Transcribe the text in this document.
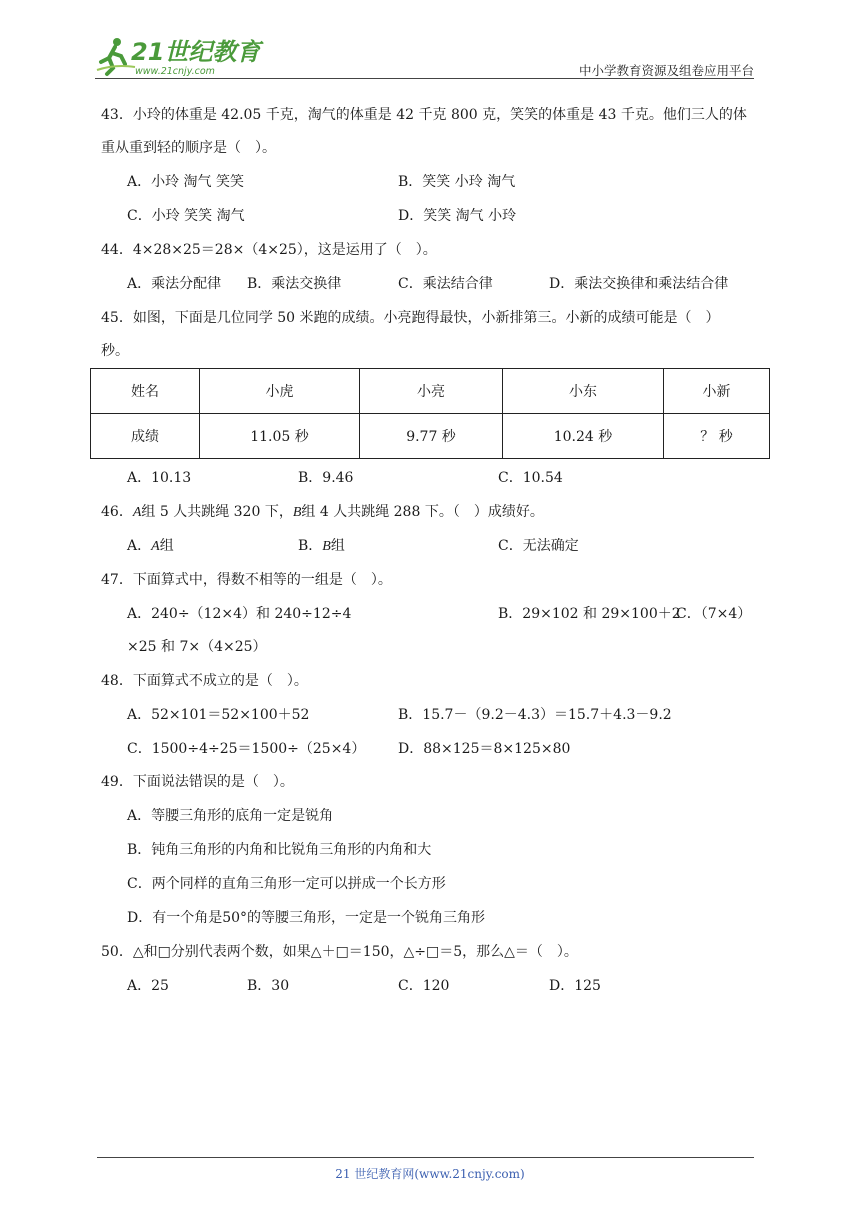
21世纪教育
www.21cnjy.com	中小学教育资源及组卷应用平台
43．小玲的体重是 42.05 千克，淘气的体重是 42 千克 800 克，笑笑的体重是 43 千克。他们三人的体
重从重到轻的顺序是（　）。
A．小玲 淘气 笑笑	B．笑笑 小玲 淘气
C．小玲 笑笑 淘气	D．笑笑 淘气 小玲
44．4×28×25＝28×（4×25），这是运用了（　）。
A．乘法分配律 B．乘法交换律	C．乘法结合律	D．乘法交换律和乘法结合律
45．如图，下面是几位同学 50 米跑的成绩。小亮跑得最快，小新排第三。小新的成绩可能是（　）
秒。
姓名	小虎	小亮	小东	小新
成绩	11.05 秒	9.77 秒	10.24 秒	？ 秒
A．10.13	B．9.46	C．10.54
46．A组 5 人共跳绳 320 下，B组 4 人共跳绳 288 下。（　）成绩好。
A．A组	B．B组	C．无法确定
47．下面算式中，得数不相等的一组是（　）。
A．240÷（12×4）和 240÷12÷4	B．29×102 和 29×100＋2
C．（7×4）
×25 和 7×（4×25）
48．下面算式不成立的是（　）。
A．52×101＝52×100＋52	B．15.7－（9.2－4.3）＝15.7＋4.3－9.2
C．1500÷4÷25＝1500÷（25×4） D．88×125＝8×125×80
49．下面说法错误的是（　）。
A．等腰三角形的底角一定是锐角
B．钝角三角形的内角和比锐角三角形的内角和大
C．两个同样的直角三角形一定可以拼成一个长方形
D．有一个角是50°的等腰三角形，一定是一个锐角三角形
50．△和□分别代表两个数，如果△＋□＝150，△÷□＝5，那么△＝（　）。
A．25	B．30	C．120	D．125
21 世纪教育网(www.21cnjy.com)
